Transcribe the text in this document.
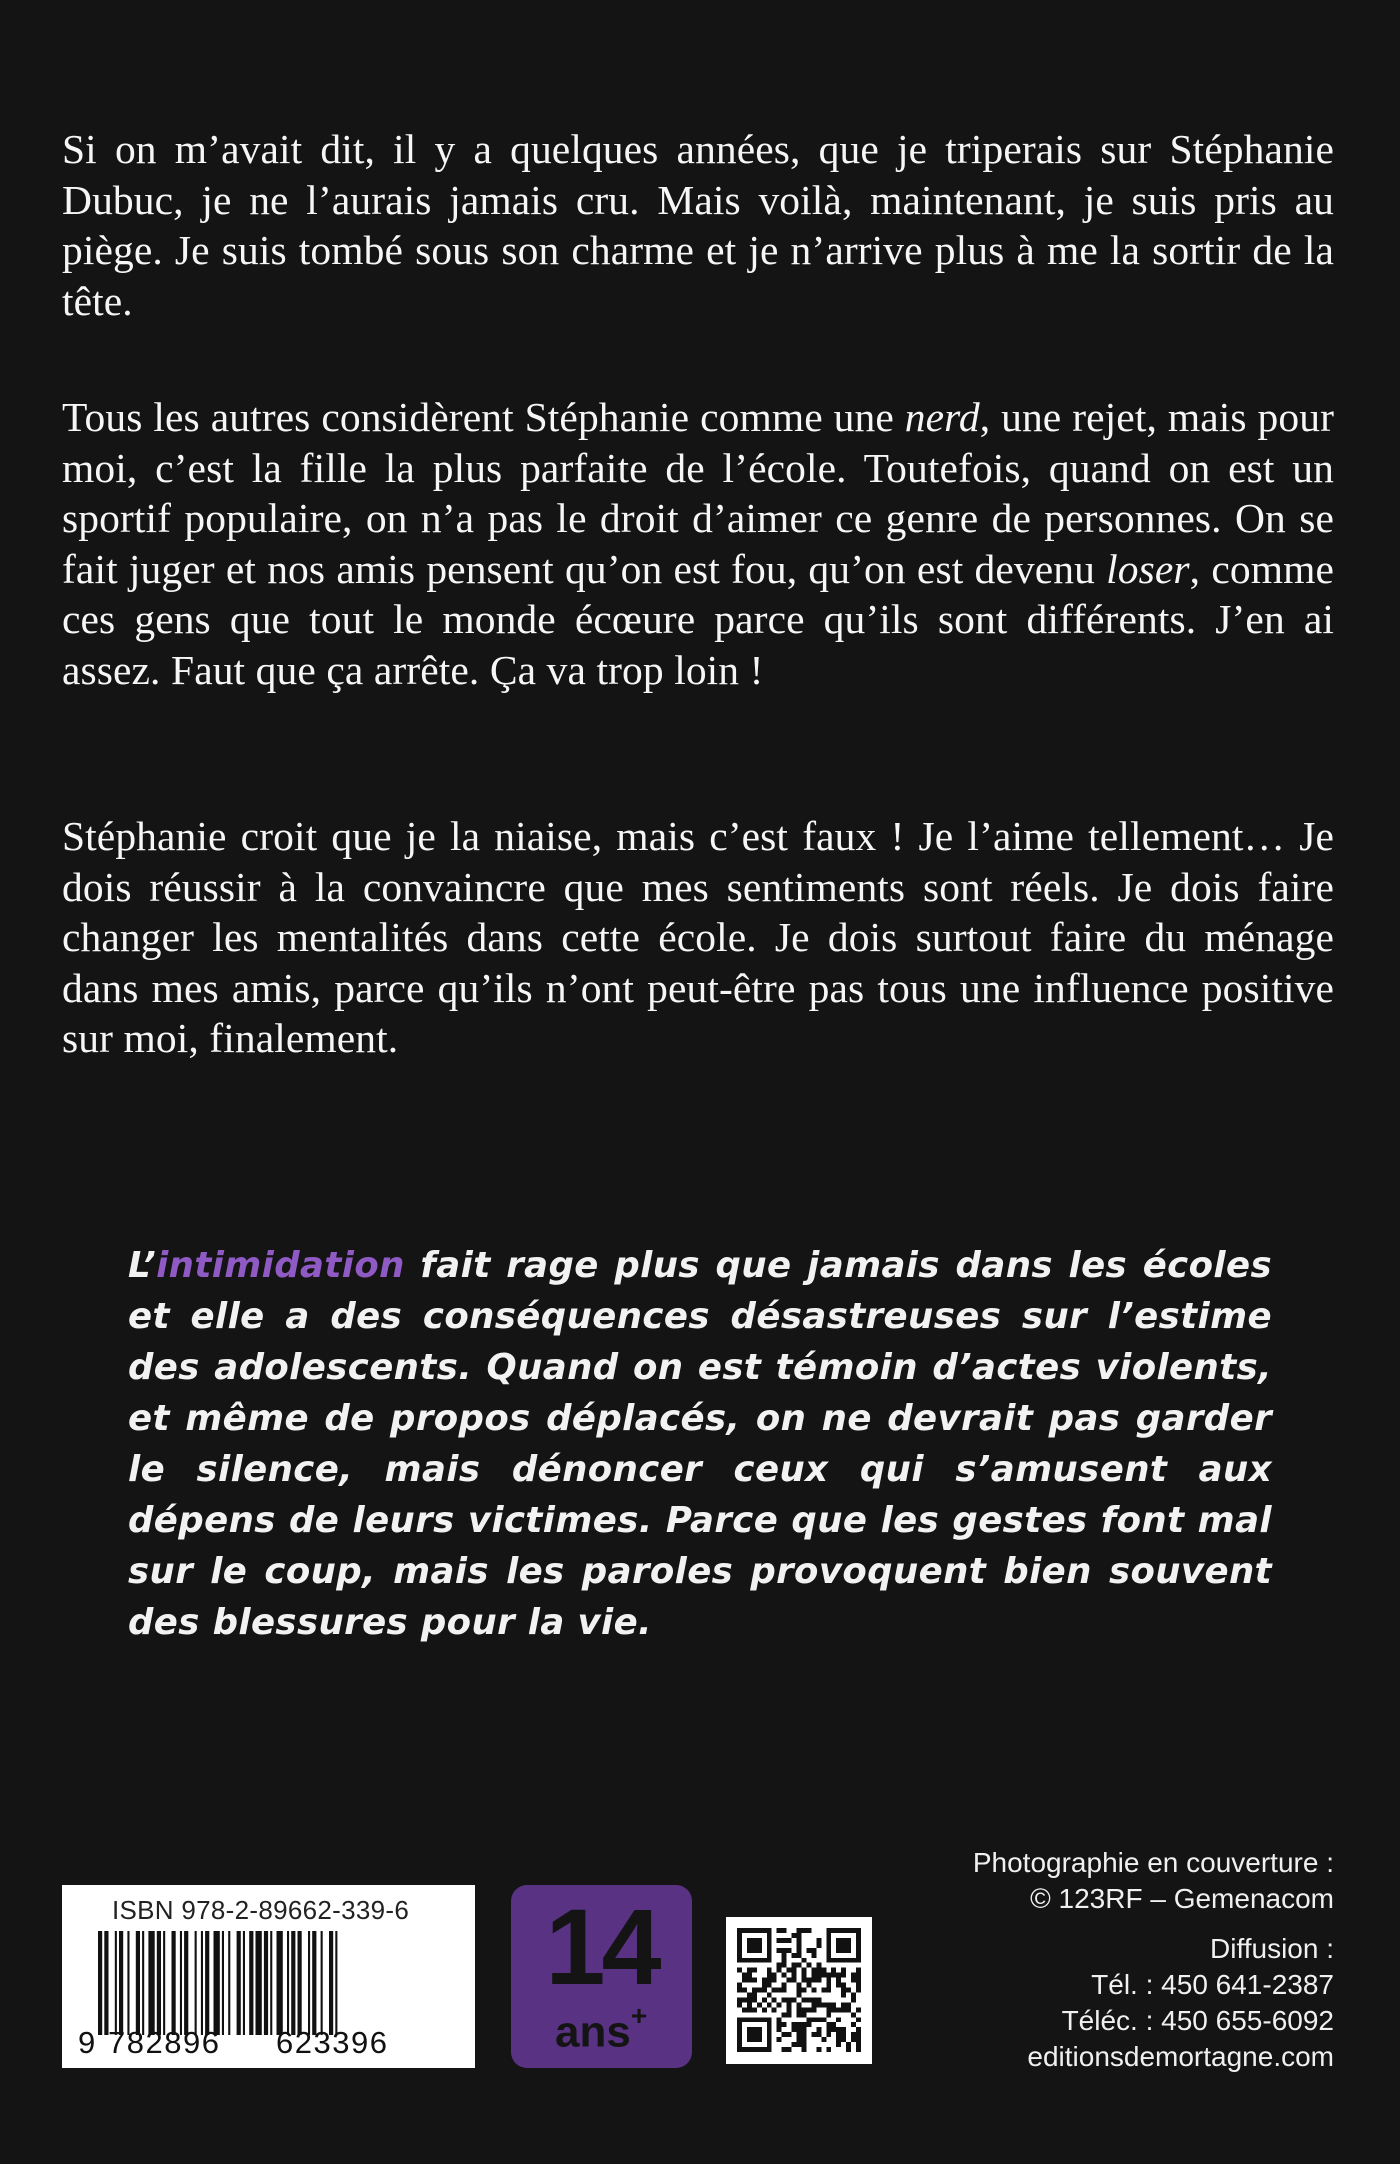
Si on m’avait dit, il y a quelques années, que je triperais sur Stéphanie Dubuc, je ne l’aurais jamais cru. Mais voilà, maintenant, je suis pris au piège. Je suis tombé sous son charme et je n’arrive plus à me la sortir de la tête.

Tous les autres considèrent Stéphanie comme une nerd, une rejet, mais pour moi, c’est la fille la plus parfaite de l’école. Toutefois, quand on est un sportif populaire, on n’a pas le droit d’aimer ce genre de personnes. On se fait juger et nos amis pensent qu’on est fou, qu’on est devenu loser, comme ces gens que tout le monde écœure parce qu’ils sont différents. J’en ai assez. Faut que ça arrête. Ça va trop loin !

Stéphanie croit que je la niaise, mais c’est faux ! Je l’aime tellement… Je dois réussir à la convaincre que mes sentiments sont réels. Je dois faire changer les mentalités dans cette école. Je dois surtout faire du ménage dans mes amis, parce qu’ils n’ont peut-être pas tous une influence positive sur moi, finalement.

L’intimidation fait rage plus que jamais dans les écoles et elle a des conséquences désastreuses sur l’estime des adolescents. Quand on est témoin d’actes violents, et même de propos déplacés, on ne devrait pas garder le silence, mais dénoncer ceux qui s’amusent aux dépens de leurs victimes. Parce que les gestes font mal sur le coup, mais les paroles provoquent bien souvent des blessures pour la vie.

ISBN 978-2-89662-339-6
9 782896 623396
14
ans+
Photographie en couverture :
© 123RF – Gemenacom
Diffusion :
Tél. : 450 641-2387
Téléc. : 450 655-6092
editionsdemortagne.com
